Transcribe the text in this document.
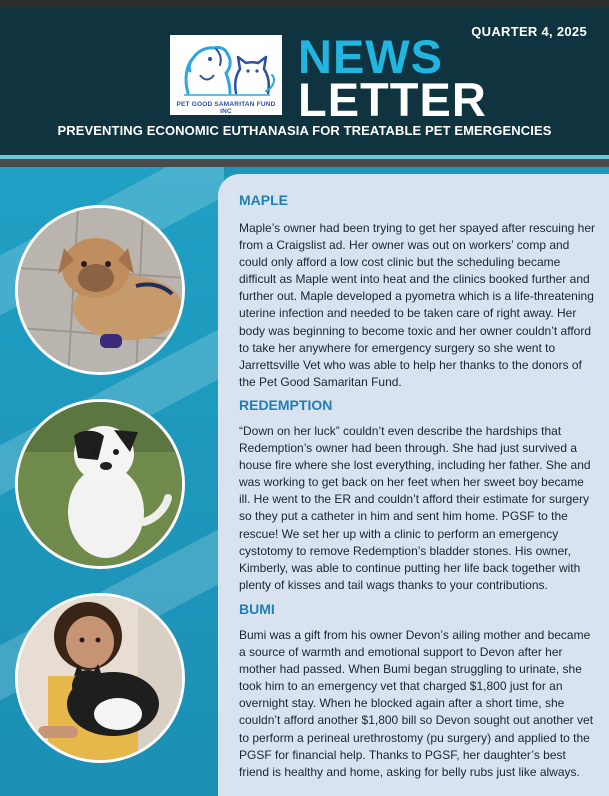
QUARTER 4, 2025
PET GOOD SAMARITAN FUND INC
NEWS
LETTER
PREVENTING ECONOMIC EUTHANASIA FOR TREATABLE PET EMERGENCIES
MAPLE

Maple’s owner had been trying to get her spayed after rescuing her from a Craigslist ad. Her owner was out on workers’ comp and could only afford a low cost clinic but the scheduling became difficult as Maple went into heat and the clinics booked further and further out. Maple developed a pyometra which is a life-threatening uterine infection and needed to be taken care of right away. Her body was beginning to become toxic and her owner couldn’t afford to take her anywhere for emergency surgery so she went to Jarrettsville Vet who was able to help her thanks to the donors of the Pet Good Samaritan Fund.

REDEMPTION

“Down on her luck” couldn’t even describe the hardships that Redemption’s owner had been through. She had just survived a house fire where she lost everything, including her father. She and was working to get back on her feet when her sweet boy became ill. He went to the ER and couldn’t afford their estimate for surgery so they put a catheter in him and sent him home. PGSF to the rescue! We set her up with a clinic to perform an emergency cystotomy to remove Redemption’s bladder stones. His owner, Kimberly, was able to continue putting her life back together with plenty of kisses and tail wags thanks to your contributions.

BUMI

Bumi was a gift from his owner Devon’s ailing mother and became a source of warmth and emotional support to Devon after her mother had passed. When Bumi began struggling to urinate, she took him to an emergency vet that charged $1,800 just for an overnight stay. When he blocked again after a short time, she couldn’t afford another $1,800 bill so Devon sought out another vet to perform a perineal urethrostomy (pu surgery) and applied to the PGSF for financial help. Thanks to PGSF, her daughter’s best friend is healthy and home, asking for belly rubs just like always.
